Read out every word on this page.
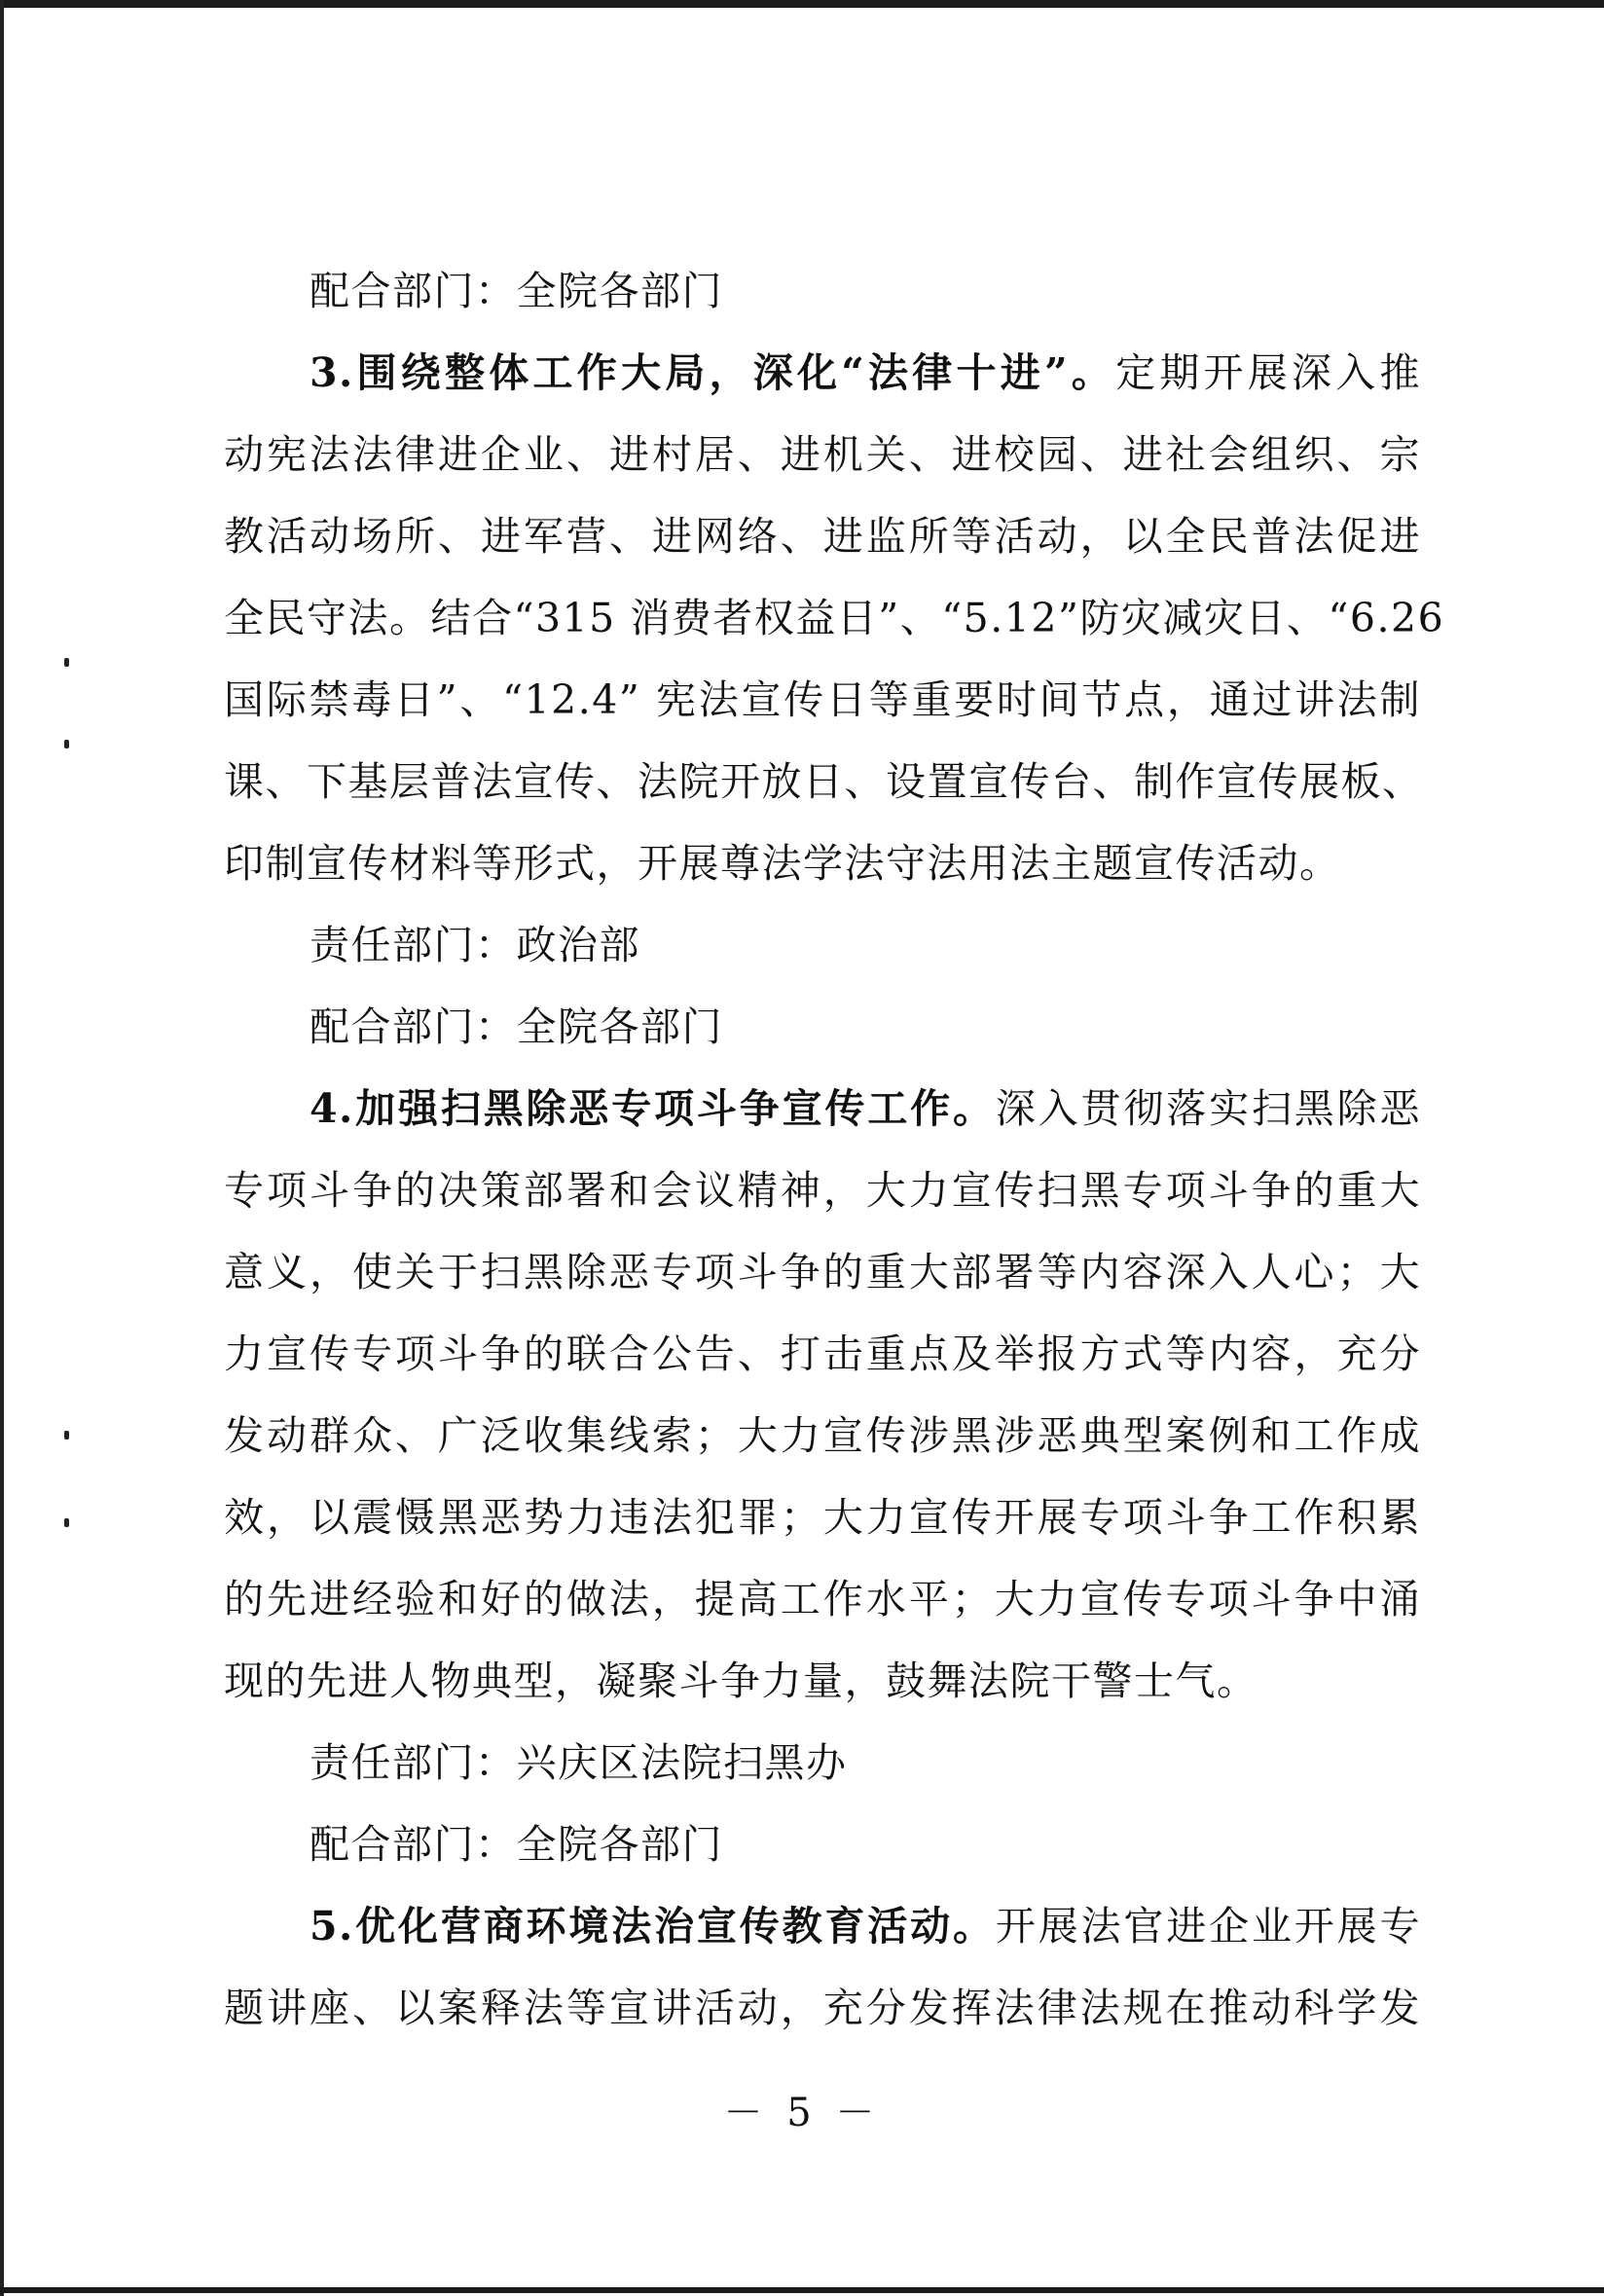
配合部门：全院各部门
3.围绕整体工作大局，深化“法律十进”。定期开展深入推
动宪法法律进企业、进村居、进机关、进校园、进社会组织、宗
教活动场所、进军营、进网络、进监所等活动，以全民普法促进
全民守法。结合“315 消费者权益日”、“5.12”防灾减灾日、“6.26
国际禁毒日”、“12.4” 宪法宣传日等重要时间节点，通过讲法制
课、下基层普法宣传、法院开放日、设置宣传台、制作宣传展板、
印制宣传材料等形式，开展尊法学法守法用法主题宣传活动。
责任部门：政治部
配合部门：全院各部门
4.加强扫黑除恶专项斗争宣传工作。深入贯彻落实扫黑除恶
专项斗争的决策部署和会议精神，大力宣传扫黑专项斗争的重大
意义，使关于扫黑除恶专项斗争的重大部署等内容深入人心；大
力宣传专项斗争的联合公告、打击重点及举报方式等内容，充分
发动群众、广泛收集线索；大力宣传涉黑涉恶典型案例和工作成
效，以震慑黑恶势力违法犯罪；大力宣传开展专项斗争工作积累
的先进经验和好的做法，提高工作水平；大力宣传专项斗争中涌
现的先进人物典型，凝聚斗争力量，鼓舞法院干警士气。
责任部门：兴庆区法院扫黑办
配合部门：全院各部门
5.优化营商环境法治宣传教育活动。开展法官进企业开展专
题讲座、以案释法等宣讲活动，充分发挥法律法规在推动科学发
－ 5 －
